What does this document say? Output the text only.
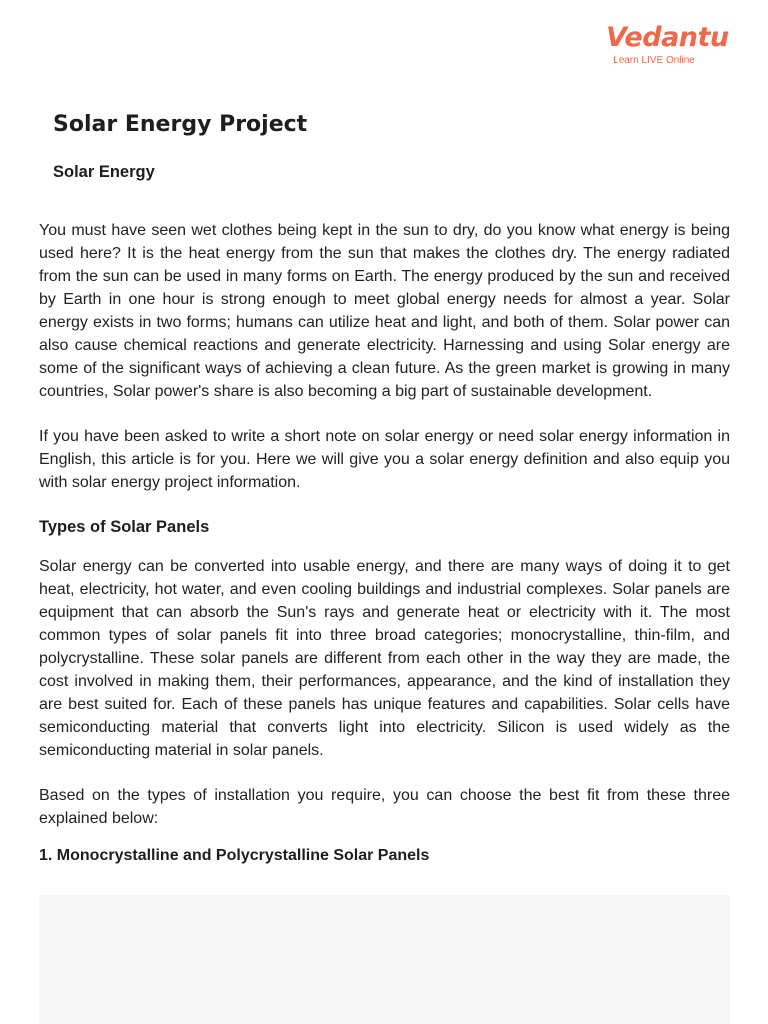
Vedantu
Learn LIVE Online
Solar Energy Project
Solar Energy

You must have seen wet clothes being kept in the sun to dry, do you know what energy is being used here? It is the heat energy from the sun that makes the clothes dry. The energy radiated from the sun can be used in many forms on Earth. The energy produced by the sun and received by Earth in one hour is strong enough to meet global energy needs for almost a year. Solar energy exists in two forms; humans can utilize heat and light, and both of them. Solar power can also cause chemical reactions and generate electricity. Harnessing and using Solar energy are some of the significant ways of achieving a clean future. As the green market is growing in many countries, Solar power's share is also becoming a big part of sustainable development.

If you have been asked to write a short note on solar energy or need solar energy information in English, this article is for you. Here we will give you a solar energy definition and also equip you with solar energy project information.

Types of Solar Panels

Solar energy can be converted into usable energy, and there are many ways of doing it to get heat, electricity, hot water, and even cooling buildings and industrial complexes. Solar panels are equipment that can absorb the Sun's rays and generate heat or electricity with it. The most common types of solar panels fit into three broad categories; monocrystalline, thin-film, and polycrystalline. These solar panels are different from each other in the way they are made, the cost involved in making them, their performances, appearance, and the kind of installation they are best suited for. Each of these panels has unique features and capabilities. Solar cells have semiconducting material that converts light into electricity. Silicon is used widely as the semiconducting material in solar panels.

Based on the types of installation you require, you can choose the best fit from these three explained below:

1. Monocrystalline and Polycrystalline Solar Panels
